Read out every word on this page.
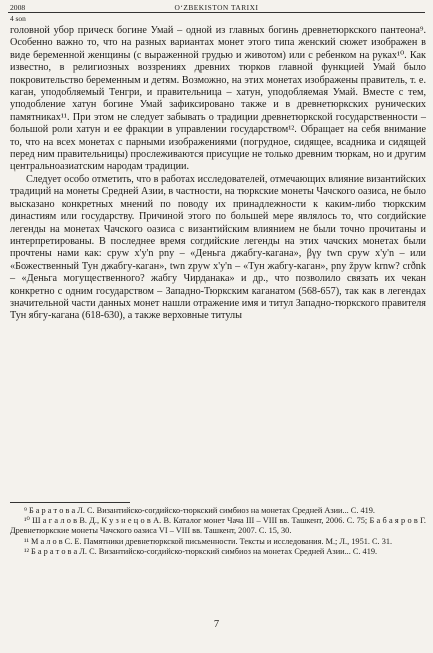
2008	O‘ZBEKISTON TARIXI
4 son

головной убор прическ богине Умай – одной из главных богинь древнетюркского пантеона⁹. Особенно важно то, что на разных вариантах монет этого типа женский сюжет изображен в виде беременной женщины (с выраженной грудью и животом) или с ребенком на руках¹⁰. Как известно, в религиозных воззрениях древних тюрков главной функцией Умай было покровительство беременным и детям. Возможно, на этих монетах изображены правитель, т. е. каган, уподобляемый Тенгри, и правительница – хатун, уподобляемая Умай. Вместе с тем, уподобление хатун богине Умай зафиксировано также и в древнетюркских рунических памятниках¹¹. При этом не следует забывать о традиции древнетюркской государственности – большой роли хатун и ее фракции в управлении государством¹². Обращает на себя внимание то, что на всех монетах с парными изображениями (погрудное, сидящее, всадника и сидящей перед ним правительницы) прослеживаются присущие не только древним тюркам, но и другим центральноазиатским народам традиции.

Следует особо отметить, что в работах исследователей, отмечающих влияние византийских традиций на монеты Средней Азии, в частности, на тюркские монеты Чачского оазиса, не было высказано конкретных мнений по поводу их принадлежности к каким-либо тюркским династиям или государству. Причиной этого по большей мере являлось то, что согдийские легенды на монетах Чачского оазиса с византийским влиянием не были точно прочитаны и интерпретированы. В последнее время согдийские легенды на этих чачских монетах были прочтены нами как: cpyw x'y'n pny – «Деньга джабгу-кагана», βγy twn cpyw x'y'n – или «Божественный Тун джабгу-каган», twn zpyw x'y'n – «Тун жабгу-каган», pny žpyw krnw? crðnk – «Деньга могущественного? жабгу Чирданака» и др., что позволило связать их чекан конкретно с одним государством – Западно-Тюркским каганатом (568-657), так как в легендах значительной части данных монет нашли отражение имя и титул Западно-тюркского правителя Тун ябгу-кагана (618-630), а также верховные титулы

⁹ Б а р а т о в а Л. С. Византийско-согдийско-тюркский симбиоз на монетах Средней Азии... С. 419.

¹⁰ Ш а г а л о в В. Д., К у з н е ц о в А. В. Каталог монет Чача III – VIII вв. Ташкент, 2006. С. 75; Б а б а я р о в Г. Древнетюркские монеты Чачского оазиса VI – VIII вв. Ташкент, 2007. С. 15, 30.

¹¹ М а л о в С. Е. Памятники древнетюркской письменности. Тексты и исследования. М.; Л., 1951. С. 31.

¹² Б а р а т о в а Л. С. Византийско-согдийско-тюркский симбиоз на монетах Средней Азии... С. 419.

7
